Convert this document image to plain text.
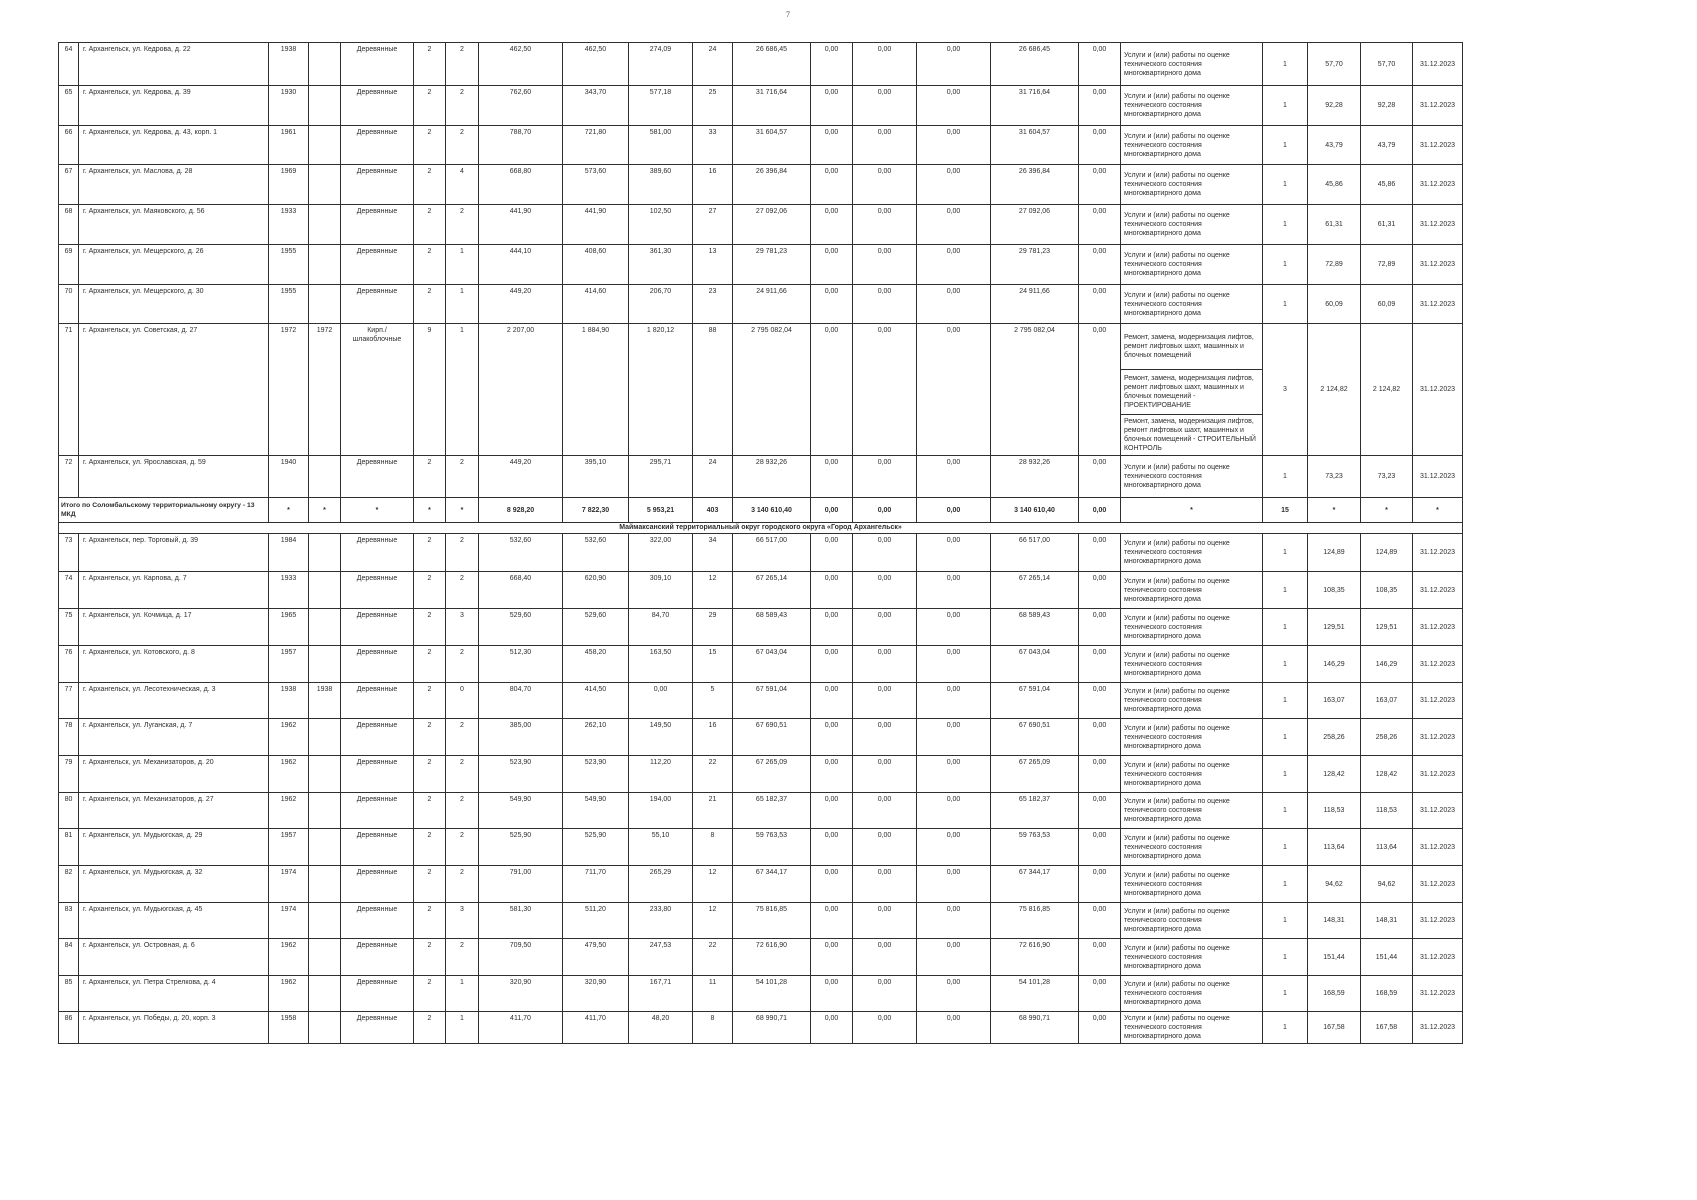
7
64	г. Архангельск, ул. Кедрова, д. 22	1938		Деревянные	2	2	462,50	462,50	274,09	24	26 686,45	0,00	0,00	0,00	26 686,45	0,00	Услуги и (или) работы по оценке технического состояния многоквартирного дома	1	57,70	57,70	31.12.2023
65	г. Архангельск, ул. Кедрова, д. 39	1930		Деревянные	2	2	762,60	343,70	577,18	25	31 716,64	0,00	0,00	0,00	31 716,64	0,00	Услуги и (или) работы по оценке технического состояния многоквартирного дома	1	92,28	92,28	31.12.2023
66	г. Архангельск, ул. Кедрова, д. 43, корп. 1	1961		Деревянные	2	2	788,70	721,80	581,00	33	31 604,57	0,00	0,00	0,00	31 604,57	0,00	Услуги и (или) работы по оценке технического состояния многоквартирного дома	1	43,79	43,79	31.12.2023
67	г. Архангельск, ул. Маслова, д. 28	1969		Деревянные	2	4	668,80	573,60	389,60	16	26 396,84	0,00	0,00	0,00	26 396,84	0,00	Услуги и (или) работы по оценке технического состояния многоквартирного дома	1	45,86	45,86	31.12.2023
68	г. Архангельск, ул. Маяковского, д. 56	1933		Деревянные	2	2	441,90	441,90	102,50	27	27 092,06	0,00	0,00	0,00	27 092,06	0,00	Услуги и (или) работы по оценке технического состояния многоквартирного дома	1	61,31	61,31	31.12.2023
69	г. Архангельск, ул. Мещерского, д. 26	1955		Деревянные	2	1	444,10	408,60	361,30	13	29 781,23	0,00	0,00	0,00	29 781,23	0,00	Услуги и (или) работы по оценке технического состояния многоквартирного дома	1	72,89	72,89	31.12.2023
70	г. Архангельск, ул. Мещерского, д. 30	1955		Деревянные	2	1	449,20	414,60	206,70	23	24 911,66	0,00	0,00	0,00	24 911,66	0,00	Услуги и (или) работы по оценке технического состояния многоквартирного дома	1	60,09	60,09	31.12.2023
71	г. Архангельск, ул. Советская, д. 27	1972	1972	Кирп./ шлакоблочные	9	1	2 207,00	1 884,90	1 820,12	88	2 795 082,04	0,00	0,00	0,00	2 795 082,04	0,00	Ремонт, замена, модернизация лифтов, ремонт лифтовых шахт, машинных и блочных помещений
Ремонт, замена, модернизация лифтов, ремонт лифтовых шахт, машинных и блочных помещений - ПРОЕКТИРОВАНИЕ
Ремонт, замена, модернизация лифтов, ремонт лифтовых шахт, машинных и блочных помещений - СТРОИТЕЛЬНЫЙ КОНТРОЛЬ	3	2 124,82	2 124,82	31.12.2023
72	г. Архангельск, ул. Ярославская, д. 59	1940		Деревянные	2	2	449,20	395,10	295,71	24	28 932,26	0,00	0,00	0,00	28 932,26	0,00	Услуги и (или) работы по оценке технического состояния многоквартирного дома	1	73,23	73,23	31.12.2023
Итого по Соломбальскому территориальному округу - 13 МКД		*	*	*	*	*	8 928,20	7 822,30	5 953,21	403	3 140 610,40	0,00	0,00	0,00	3 140 610,40	0,00	*	15	*	*	*
Маймаксанский территориальный округ городского округа «Город Архангельск»																					
73	г. Архангельск, пер. Торговый, д. 39	1984		Деревянные	2	2	532,60	532,60	322,00	34	66 517,00	0,00	0,00	0,00	66 517,00	0,00	Услуги и (или) работы по оценке технического состояния многоквартирного дома	1	124,89	124,89	31.12.2023
74	г. Архангельск, ул. Карпова, д. 7	1933		Деревянные	2	2	668,40	620,90	309,10	12	67 265,14	0,00	0,00	0,00	67 265,14	0,00	Услуги и (или) работы по оценке технического состояния многоквартирного дома	1	108,35	108,35	31.12.2023
75	г. Архангельск, ул. Кочмица, д. 17	1965		Деревянные	2	3	529,60	529,60	84,70	29	68 589,43	0,00	0,00	0,00	68 589,43	0,00	Услуги и (или) работы по оценке технического состояния многоквартирного дома	1	129,51	129,51	31.12.2023
76	г. Архангельск, ул. Котовского, д. 8	1957		Деревянные	2	2	512,30	458,20	163,50	15	67 043,04	0,00	0,00	0,00	67 043,04	0,00	Услуги и (или) работы по оценке технического состояния многоквартирного дома	1	146,29	146,29	31.12.2023
77	г. Архангельск, ул. Лесотехническая, д. 3	1938	1938	Деревянные	2	0	804,70	414,50	0,00	5	67 591,04	0,00	0,00	0,00	67 591,04	0,00	Услуги и (или) работы по оценке технического состояния многоквартирного дома	1	163,07	163,07	31.12.2023
78	г. Архангельск, ул. Луганская, д. 7	1962		Деревянные	2	2	385,00	262,10	149,50	16	67 690,51	0,00	0,00	0,00	67 690,51	0,00	Услуги и (или) работы по оценке технического состояния многоквартирного дома	1	258,26	258,26	31.12.2023
79	г. Архангельск, ул. Механизаторов, д. 20	1962		Деревянные	2	2	523,90	523,90	112,20	22	67 265,09	0,00	0,00	0,00	67 265,09	0,00	Услуги и (или) работы по оценке технического состояния многоквартирного дома	1	128,42	128,42	31.12.2023
80	г. Архангельск, ул. Механизаторов, д. 27	1962		Деревянные	2	2	549,90	549,90	194,00	21	65 182,37	0,00	0,00	0,00	65 182,37	0,00	Услуги и (или) работы по оценке технического состояния многоквартирного дома	1	118,53	118,53	31.12.2023
81	г. Архангельск, ул. Мудьюгская, д. 29	1957		Деревянные	2	2	525,90	525,90	55,10	8	59 763,53	0,00	0,00	0,00	59 763,53	0,00	Услуги и (или) работы по оценке технического состояния многоквартирного дома	1	113,64	113,64	31.12.2023
82	г. Архангельск, ул. Мудьюгская, д. 32	1974		Деревянные	2	2	791,00	711,70	265,29	12	67 344,17	0,00	0,00	0,00	67 344,17	0,00	Услуги и (или) работы по оценке технического состояния многоквартирного дома	1	94,62	94,62	31.12.2023
83	г. Архангельск, ул. Мудьюгская, д. 45	1974		Деревянные	2	3	581,30	511,20	233,80	12	75 816,85	0,00	0,00	0,00	75 816,85	0,00	Услуги и (или) работы по оценке технического состояния многоквартирного дома	1	148,31	148,31	31.12.2023
84	г. Архангельск, ул. Островная, д. 6	1962		Деревянные	2	2	709,50	479,50	247,53	22	72 616,90	0,00	0,00	0,00	72 616,90	0,00	Услуги и (или) работы по оценке технического состояния многоквартирного дома	1	151,44	151,44	31.12.2023
85	г. Архангельск, ул. Петра Стрелкова, д. 4	1962		Деревянные	2	1	320,90	320,90	167,71	11	54 101,28	0,00	0,00	0,00	54 101,28	0,00	Услуги и (или) работы по оценке технического состояния многоквартирного дома	1	168,59	168,59	31.12.2023
86	г. Архангельск, ул. Победы, д. 20, корп. 3	1958		Деревянные	2	1	411,70	411,70	48,20	8	68 990,71	0,00	0,00	0,00	68 990,71	0,00	Услуги и (или) работы по оценке технического состояния многоквартирного дома	1	167,58	167,58	31.12.2023
